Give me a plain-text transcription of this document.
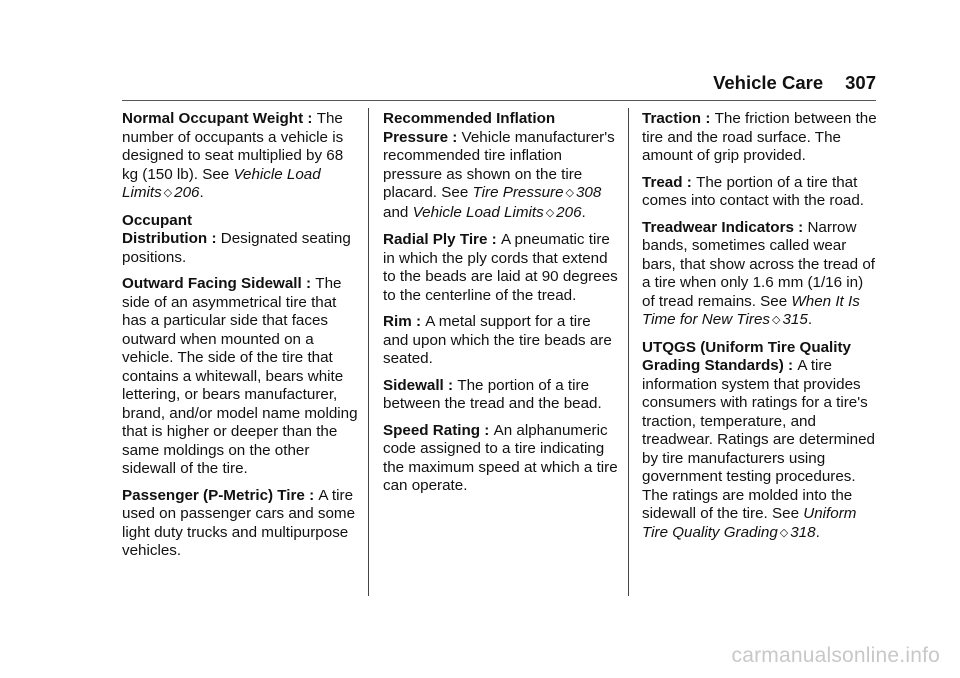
Vehicle Care 307

Normal Occupant Weight : The number of occupants a vehicle is designed to seat multiplied by 68 kg (150 lb). See Vehicle Load Limits ◇ 206.

Occupant Distribution : Designated seating positions.

Outward Facing Sidewall : The side of an asymmetrical tire that has a particular side that faces outward when mounted on a vehicle. The side of the tire that contains a whitewall, bears white lettering, or bears manufacturer, brand, and/or model name molding that is higher or deeper than the same moldings on the other sidewall of the tire.

Passenger (P-Metric) Tire : A tire used on passenger cars and some light duty trucks and multipurpose vehicles.

Recommended Inflation Pressure : Vehicle manufacturer's recommended tire inflation pressure as shown on the tire placard. See Tire Pressure ◇ 308 and Vehicle Load Limits ◇ 206.

Radial Ply Tire : A pneumatic tire in which the ply cords that extend to the beads are laid at 90 degrees to the centerline of the tread.

Rim : A metal support for a tire and upon which the tire beads are seated.

Sidewall : The portion of a tire between the tread and the bead.

Speed Rating : An alphanumeric code assigned to a tire indicating the maximum speed at which a tire can operate.

Traction : The friction between the tire and the road surface. The amount of grip provided.

Tread : The portion of a tire that comes into contact with the road.

Treadwear Indicators : Narrow bands, sometimes called wear bars, that show across the tread of a tire when only 1.6 mm (1/16 in) of tread remains. See When It Is Time for New Tires ◇ 315.

UTQGS (Uniform Tire Quality Grading Standards) : A tire information system that provides consumers with ratings for a tire's traction, temperature, and treadwear. Ratings are determined by tire manufacturers using government testing procedures. The ratings are molded into the sidewall of the tire. See Uniform Tire Quality Grading ◇ 318.

carmanualsonline.info
